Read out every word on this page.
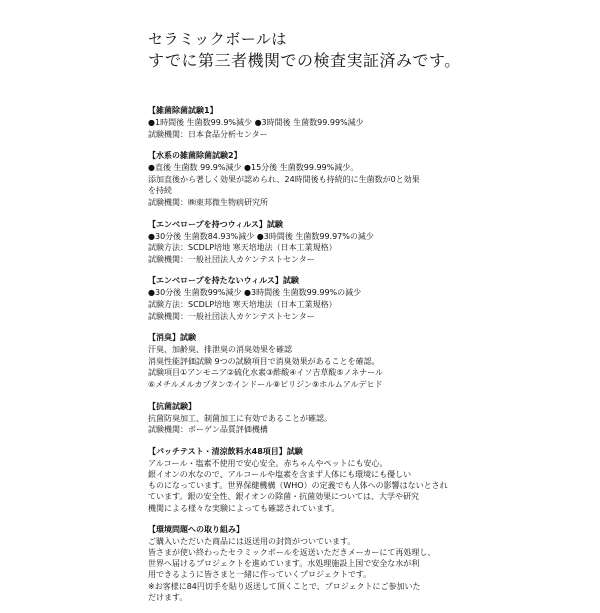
セラミックボールは
すでに第三者機関での検査実証済みです。
【雑菌除菌試験1】
●1時間後 生菌数99.9%減少 ●3時間後 生菌数99.99%減少
試験機関：日本食品分析センター
【水系の雑菌除菌試験2】
●直後 生菌数 99.9%減少 ●15分後 生菌数99.99%減少。
添加直後から著しく効果が認められ、24時間後も持続的に生菌数が0と効果
を持続
試験機関：㈱東邦微生物病研究所
【エンベロープを持つウィルス】試験
●30分後 生菌数84.93%減少 ●3時間後 生菌数99.97%の減少
試験方法：SCDLP培地 寒天培地法（日本工業規格）
試験機関：一般社団法人カケンテストセンター
【エンベロープを持たないウィルス】試験
●30分後 生菌数99%減少 ●3時間後 生菌数99.99%の減少
試験方法：SCDLP培地 寒天培地法（日本工業規格）
試験機関：一般社団法人カケンテストセンター
【消臭】試験
汗臭、加齢臭、排泄臭の消臭効果を確認
消臭性能評価試験 9つの試験項目で消臭効果があることを確認。
試験項目①アンモニア②硫化水素③酢酸④イソ吉草酸⑤ノネナール
⑥メチルメルカプタン⑦インドール⑧ピリジン⑨ホルムアルデヒド
【抗菌試験】
抗菌防臭加工、制菌加工に有効であることが確認。
試験機関：ボーゲン品質評価機構
【パッチテスト・清涼飲料水48項目】試験
アルコール・塩素不使用で安心安全。赤ちゃんやペットにも安心。
銀イオンの水なので、アルコールや塩素を含まず人体にも環境にも優しい
ものになっています。世界保健機構（WHO）の定義でも人体への影響はないとされ
ています。銀の安全性、銀イオンの除菌・抗菌効果については、大学や研究
機関による様々な実験によっても確認されています。
【環境問題への取り組み】
ご購入いただいた商品には返送用の封筒がついています。
皆さまが使い終わったセラミックボールを返送いただきメーカーにて再処理し、
世界へ届けるプロジェクトを進めています。水処理施設上国で安全な水が利
用できるように皆さまと一緒に作っていくプロジェクトです。
※お客様に84円切手を貼り返送して頂くことで、プロジェクトにご参加いた
だけます。
